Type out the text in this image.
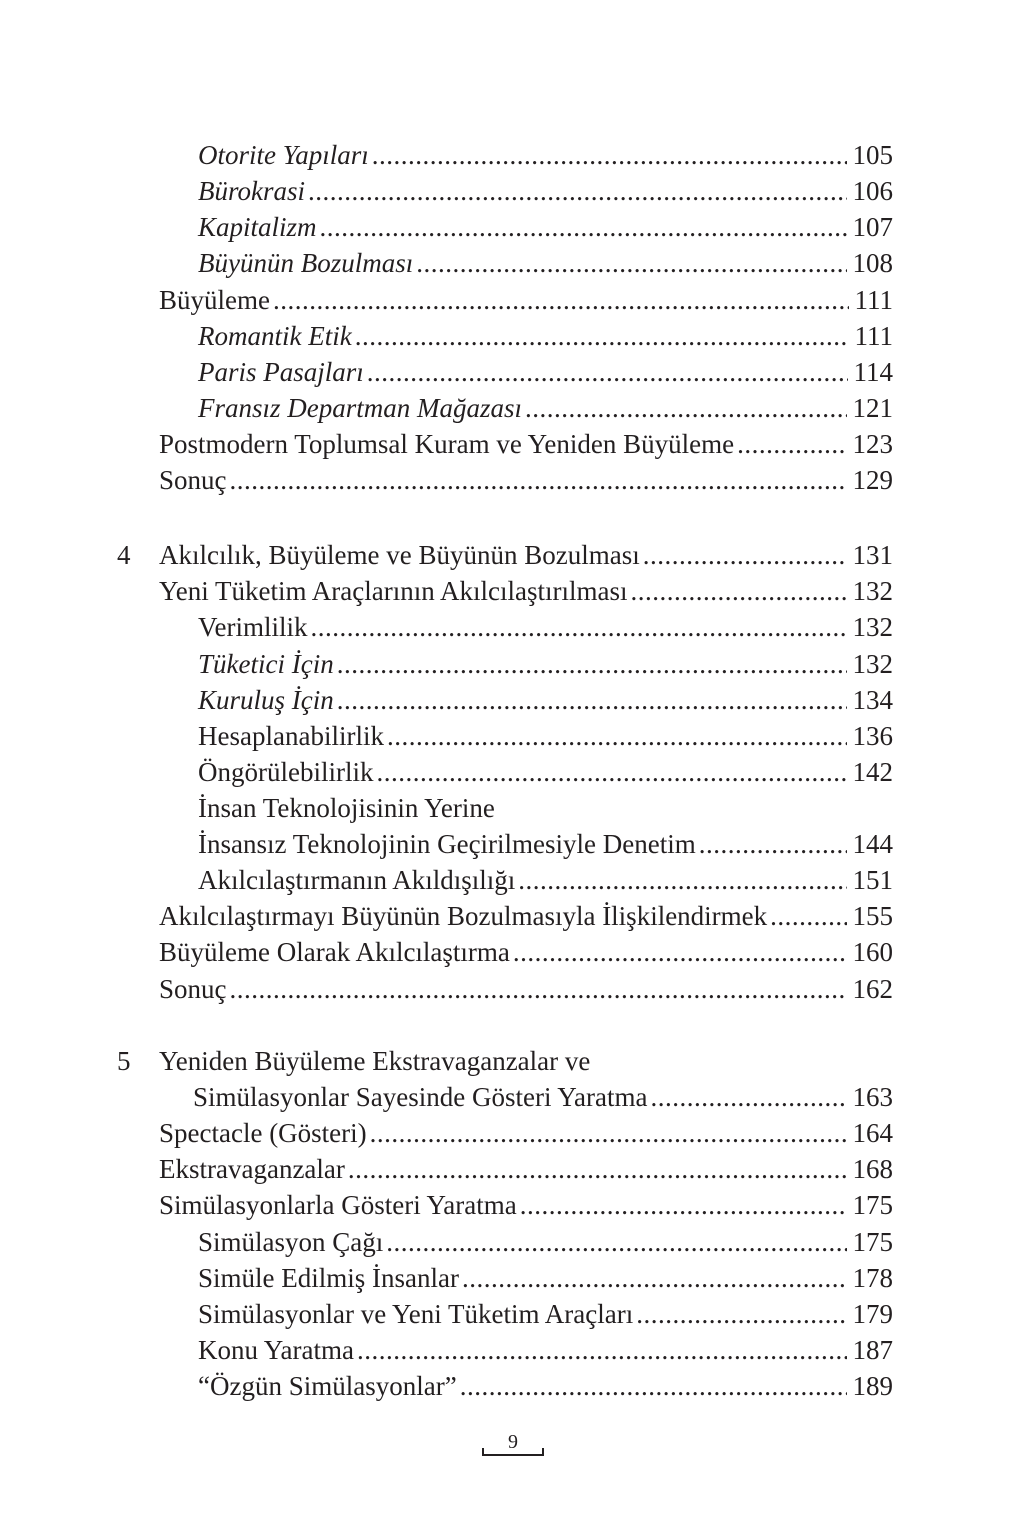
Otorite Yapıları .....	105
Bürokrasi .....	106
Kapitalizm .....	107
Büyünün Bozulması .....	108
Büyüleme .....	111
Romantik Etik .....	111
Paris Pasajları .....	114
Fransız Departman Mağazası .....	121
Postmodern Toplumsal Kuram ve Yeniden Büyüleme .....	123
Sonuç .....	129
4 Akılcılık, Büyüleme ve Büyünün Bozulması .....	131
Yeni Tüketim Araçlarının Akılcılaştırılması .....	132
Verimlilik .....	132
Tüketici İçin .....	132
Kuruluş İçin .....	134
Hesaplanabilirlik .....	136
Öngörülebilirlik .....	142
İnsan Teknolojisinin Yerine
İnsansız Teknolojinin Geçirilmesiyle Denetim .....	144
Akılcılaştırmanın Akıldışılığı .....	151
Akılcılaştırmayı Büyünün Bozulmasıyla İlişkilendirmek .....	155
Büyüleme Olarak Akılcılaştırma .....	160
Sonuç .....	162
5 Yeniden Büyüleme Ekstravaganzalar ve
Simülasyonlar Sayesinde Gösteri Yaratma .....	163
Spectacle (Gösteri) .....	164
Ekstravaganzalar .....	168
Simülasyonlarla Gösteri Yaratma .....	175
Simülasyon Çağı .....	175
Simüle Edilmiş İnsanlar .....	178
Simülasyonlar ve Yeni Tüketim Araçları .....	179
Konu Yaratma .....	187
“Özgün Simülasyonlar” .....	189
9
